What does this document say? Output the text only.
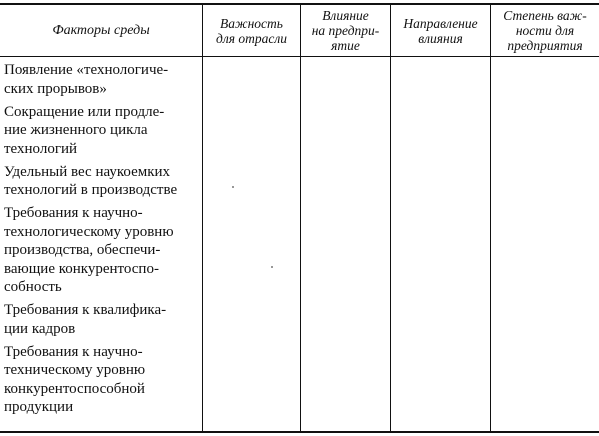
Факторы среды	Важность
для отрасли
Влияние
на предпри-
ятие
Направление
влияния
Степень важ-
ности для
предприятия
Появление «технологиче-
ских прорывов»
Сокращение или продле-
ние жизненного цикла
технологий
Удельный вес наукоемких
технологий в производстве
Требования к научно-
технологическому уровню
производства, обеспечи-
вающие конкурентоспо-
собность
Требования к квалифика-
ции кадров
Требования к научно-
техническому уровню
конкурентоспособной
продукции
